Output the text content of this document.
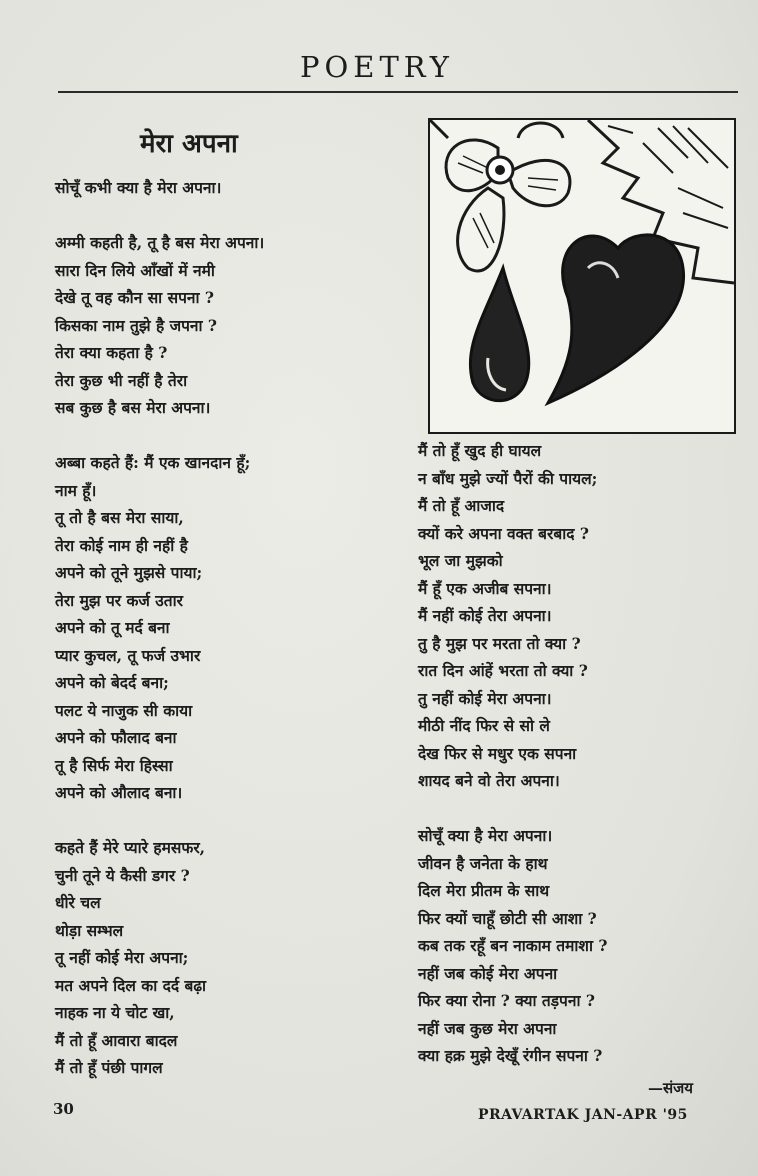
POETRY
मेरा अपना
सोचूँ कभी क्या है मेरा अपना।
अम्मी कहती है, तू है बस मेरा अपना।
सारा दिन लिये आँखों में नमी
देखे तू वह कौन सा सपना ?
किसका नाम तुझे है जपना ?
तेरा क्या कहता है ?
तेरा कुछ भी नहीं है तेरा
सब कुछ है बस मेरा अपना।
अब्बा कहते हैं: मैं एक खानदान हूँ;
नाम हूँ।
तू तो है बस मेरा साया,
तेरा कोई नाम ही नहीं है
अपने को तूने मुझसे पाया;
तेरा मुझ पर कर्ज उतार
अपने को तू मर्द बना
प्यार कुचल, तू फर्ज उभार
अपने को बेदर्द बना;
पलट ये नाजुक सी काया
अपने को फौलाद बना
तू है सिर्फ मेरा हिस्सा
अपने को औलाद बना।
कहते हैं मेरे प्यारे हमसफर,
चुनी तूने ये कैसी डगर ?
धीरे चल
थोड़ा सम्भल
तू नहीं कोई मेरा अपना;
मत अपने दिल का दर्द बढ़ा
नाहक ना ये चोट खा,
मैं तो हूँ आवारा बादल
मैं तो हूँ पंछी पागल
मैं तो हूँ खुद ही घायल
न बाँध मुझे ज्यों पैरों की पायल;
मैं तो हूँ आजाद
क्यों करे अपना वक्त बरबाद ?
भूल जा मुझको
मैं हूँ एक अजीब सपना।
मैं नहीं कोई तेरा अपना।
तु है मुझ पर मरता तो क्या ?
रात दिन आंहें भरता तो क्या ?
तु नहीं कोई मेरा अपना।
मीठी नींद फिर से सो ले
देख फिर से मधुर एक सपना
शायद बने वो तेरा अपना।
सोचूँ क्या है मेरा अपना।
जीवन है जनेता के हाथ
दिल मेरा प्रीतम के साथ
फिर क्यों चाहूँ छोटी सी आशा ?
कब तक रहूँ बन नाकाम तमाशा ?
नहीं जब कोई मेरा अपना
फिर क्या रोना ? क्या तड़पना ?
नहीं जब कुछ मेरा अपना
क्या हक्र मुझे देखूँ रंगीन सपना ?
—संजय
30	PRAVARTAK JAN-APR '95
